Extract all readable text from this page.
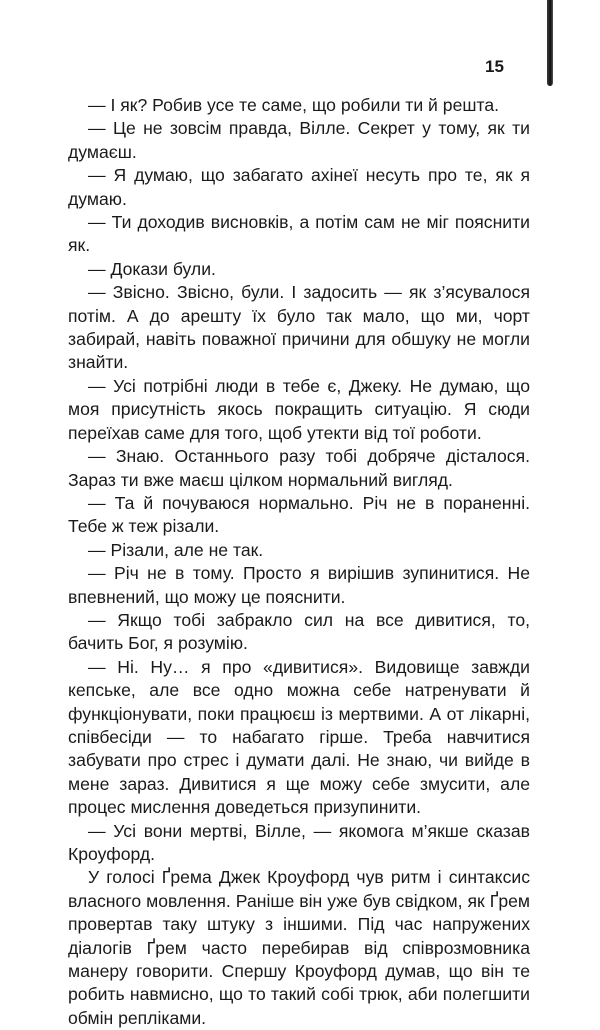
15

— І як? Робив усе те саме, що робили ти й решта.

— Це не зовсім правда, Вілле. Секрет у тому, як ти думаєш.

— Я думаю, що забагато ахінеї несуть про те, як я думаю.

— Ти доходив висновків, а потім сам не міг пояснити як.

— Докази були.

— Звісно. Звісно, були. І задосить — як з’ясувалося потім. А до арешту їх було так мало, що ми, чорт забирай, навіть поважної причини для обшуку не могли знайти.

— Усі потрібні люди в тебе є, Джеку. Не думаю, що моя присутність якось покращить ситуацію. Я сюди переїхав саме для того, щоб утекти від тої роботи.

— Знаю. Останнього разу тобі добряче дісталося. Зараз ти вже маєш цілком нормальний вигляд.

— Та й почуваюся нормально. Річ не в пораненні. Тебе ж теж різали.

— Різали, але не так.

— Річ не в тому. Просто я вирішив зупинитися. Не впевнений, що можу це пояснити.

— Якщо тобі забракло сил на все дивитися, то, бачить Бог, я розумію.

— Ні. Ну… я про «дивитися». Видовище завжди кепське, але все одно можна себе натренувати й функціонувати, поки працюєш із мертвими. А от лікарні, співбесіди — то набагато гірше. Треба навчитися забувати про стрес і думати далі. Не знаю, чи вийде в мене зараз. Дивитися я ще можу себе змусити, але процес мислення доведеться призупинити.

— Усі вони мертві, Вілле, — якомога м’якше сказав Кроуфорд.

У голосі Ґрема Джек Кроуфорд чув ритм і синтаксис власного мовлення. Раніше він уже був свідком, як Ґрем провертав таку штуку з іншими. Під час напружених діалогів Ґрем часто перебирав від співрозмовника манеру говорити. Спершу Кроуфорд думав, що він те робить навмисно, що то такий собі трюк, аби полегшити обмін репліками.
